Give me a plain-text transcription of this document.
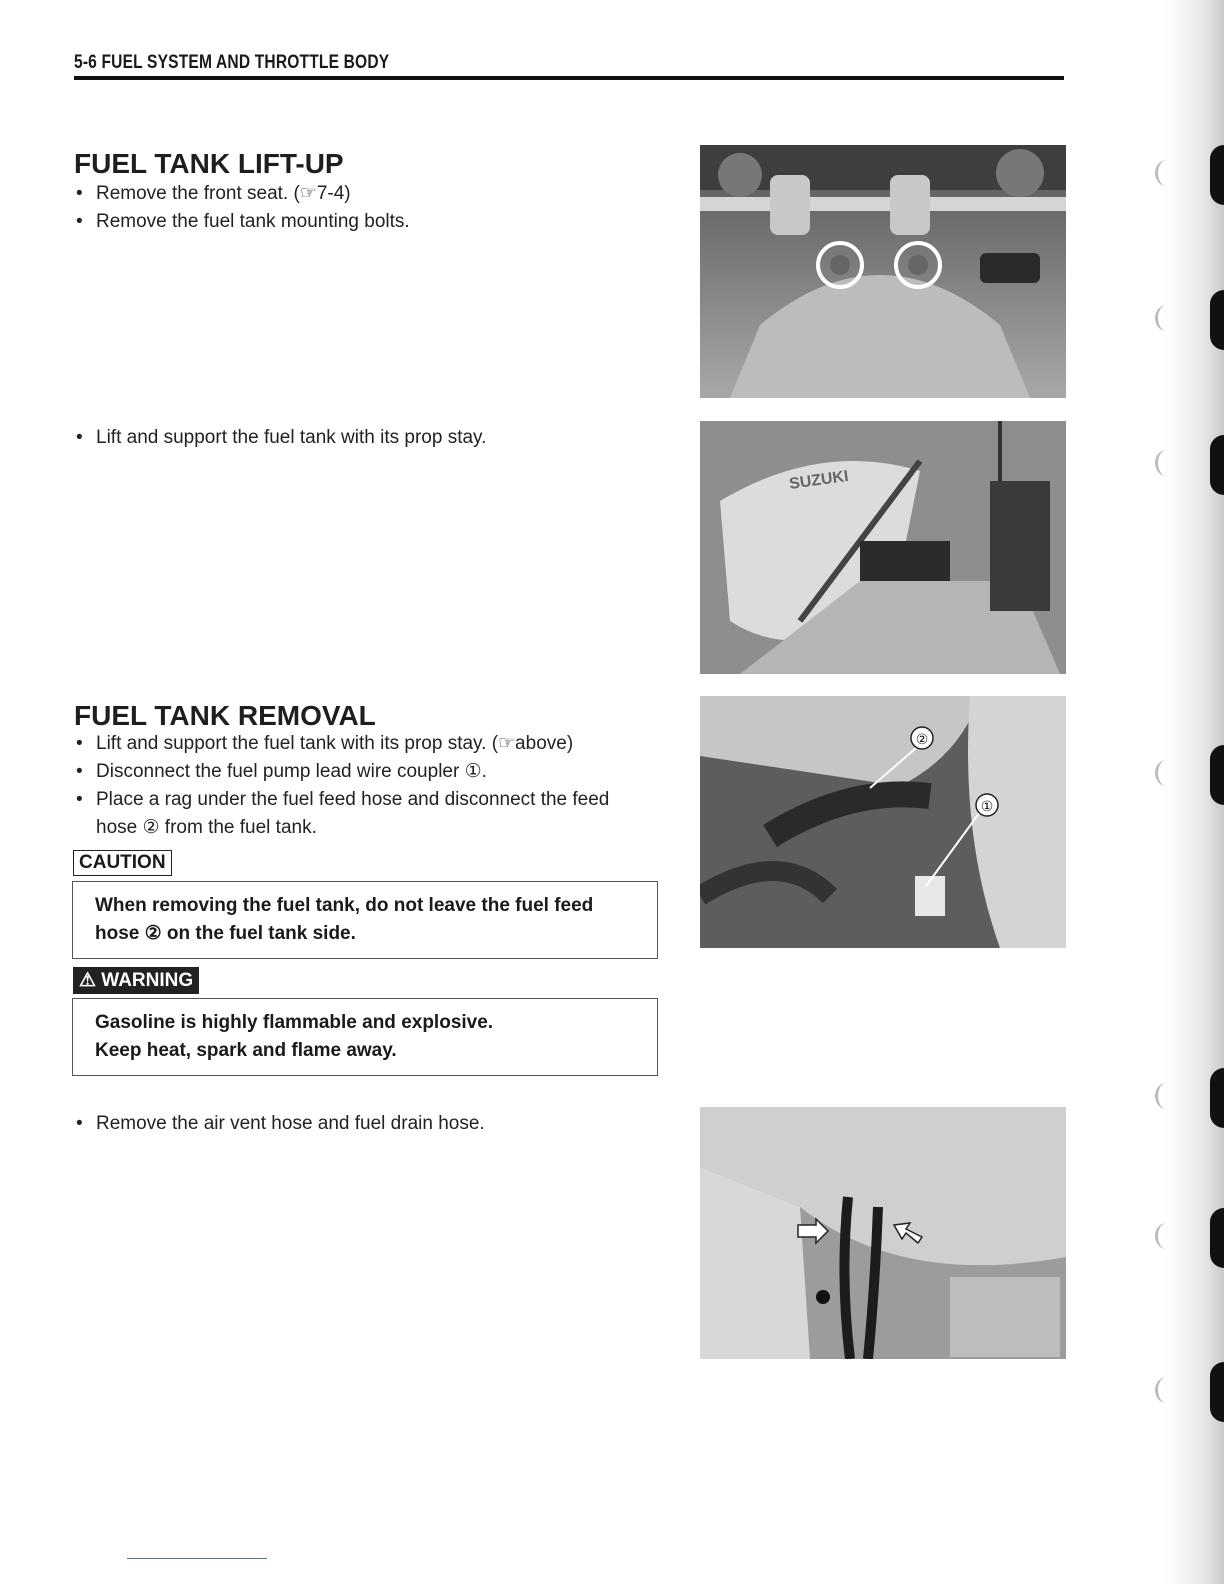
5-6 FUEL SYSTEM AND THROTTLE BODY
FUEL TANK LIFT-UP
• Remove the front seat. (☞7-4)
• Remove the fuel tank mounting bolts.
• Lift and support the fuel tank with its prop stay.
FUEL TANK REMOVAL
• Lift and support the fuel tank with its prop stay. (☞above)
• Disconnect the fuel pump lead wire coupler ①.
• Place a rag under the fuel feed hose and disconnect the feed
hose ② from the fuel tank.
CAUTION
When removing the fuel tank, do not leave the fuel feed hose ② on the fuel tank side.
⚠ WARNING
Gasoline is highly flammable and explosive.
Keep heat, spark and flame away.
• Remove the air vent hose and fuel drain hose.
SUZUKI
②
①
